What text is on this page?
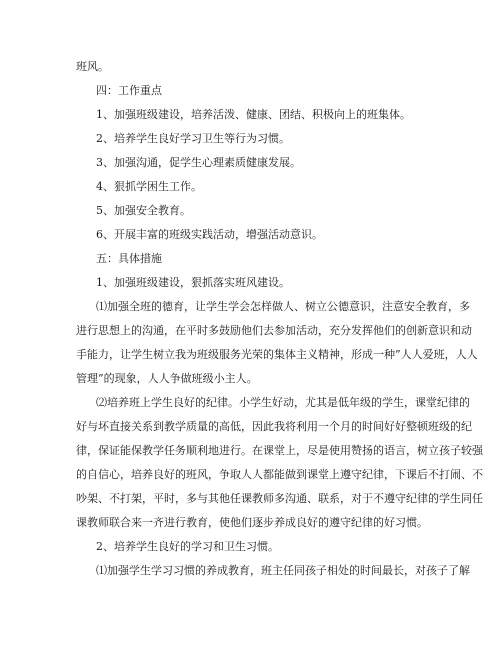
班风。
四：工作重点
1、加强班级建设，培养活泼、健康、团结、积极向上的班集体。
2、培养学生良好学习卫生等行为习惯。
3、加强沟通，促学生心理素质健康发展。
4、狠抓学困生工作。
5、加强安全教育。
6、开展丰富的班级实践活动，增强活动意识。
五：具体措施
1、加强班级建设，狠抓落实班风建设。
⑴加强全班的德育，让学生学会怎样做人、树立公德意识，注意安全教育，多
进行思想上的沟通，在平时多鼓励他们去参加活动，充分发挥他们的创新意识和动
手能力，让学生树立我为班级服务光荣的集体主义精神，形成一种”人人爱班，人人
管理”的现象，人人争做班级小主人。
⑵培养班上学生良好的纪律。小学生好动，尤其是低年级的学生，课堂纪律的
好与坏直接关系到教学质量的高低，因此我将利用一个月的时间好好整顿班级的纪
律，保证能保教学任务顺利地进行。在课堂上，尽是使用赞扬的语言，树立孩子较强
的自信心，培养良好的班风，争取人人都能做到课堂上遵守纪律，下课后不打闹、不
吵架、不打架，平时，多与其他任课教师多沟通、联系，对于不遵守纪律的学生同任
课教师联合来一齐进行教育，使他们逐步养成良好的遵守纪律的好习惯。
2、培养学生良好的学习和卫生习惯。
⑴加强学生学习习惯的养成教育，班主任同孩子相处的时间最长，对孩子了解
